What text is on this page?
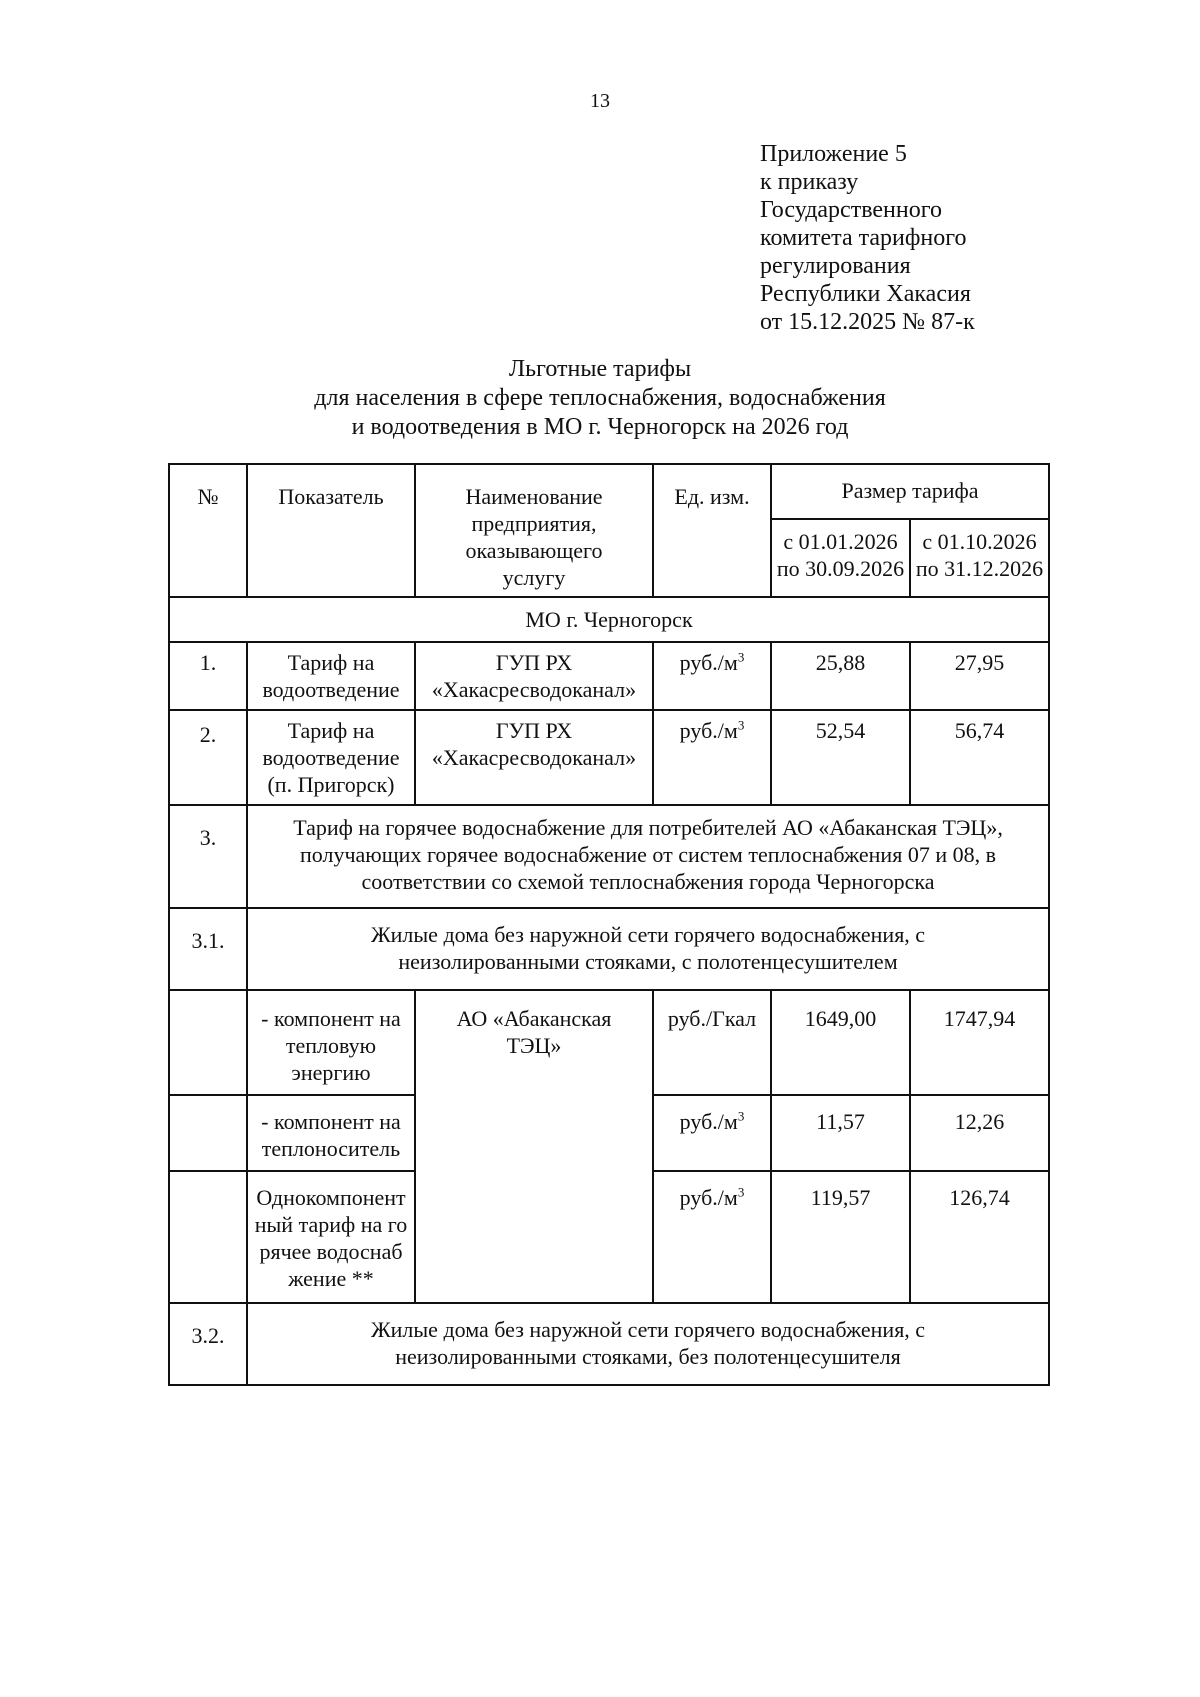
13
Приложение 5
к приказу
Государственного
комитета тарифного
регулирования
Республики Хакасия
от 15.12.2025 № 87-к
Льготные тарифы
для населения в сфере теплоснабжения, водоснабжения
и водоотведения в МО г. Черногорск на 2026 год
№	Показатель	Наименование предприятия, оказывающего услугу	Ед. изм.	Размер тарифа	
				с 01.01.2026 по 30.09.2026	с 01.10.2026 по 31.12.2026
МО г. Черногорск					
1.	Тариф на водоотведение	ГУП РХ «Хакасресводоканал»	$руб./м^3$	25,88	27,95
2.	Тариф на водоотведение (п. Пригорск)	ГУП РХ «Хакасресводоканал»	$руб./м^3$	52,54	56,74
3.	Тариф на горячее водоснабжение для потребителей АО «Абаканская ТЭЦ», получающих горячее водоснабжение от систем теплоснабжения 07 и 08, в соответствии со схемой теплоснабжения города Черногорска				
3.1.	Жилые дома без наружной сети горячего водоснабжения, с неизолированными стояками, с полотенцесушителем				
	- компонент на тепловую энергию	АО «Абаканская ТЭЦ»	руб./Гкал	1649,00	1747,94
	- компонент на теплоноситель		$руб./м^3$	11,57	12,26
	Однокомпонентный тариф на горячее водоснабжение **		$руб./м^3$	119,57	126,74
3.2.	Жилые дома без наружной сети горячего водоснабжения, с неизолированными стояками, без полотенцесушителя				
